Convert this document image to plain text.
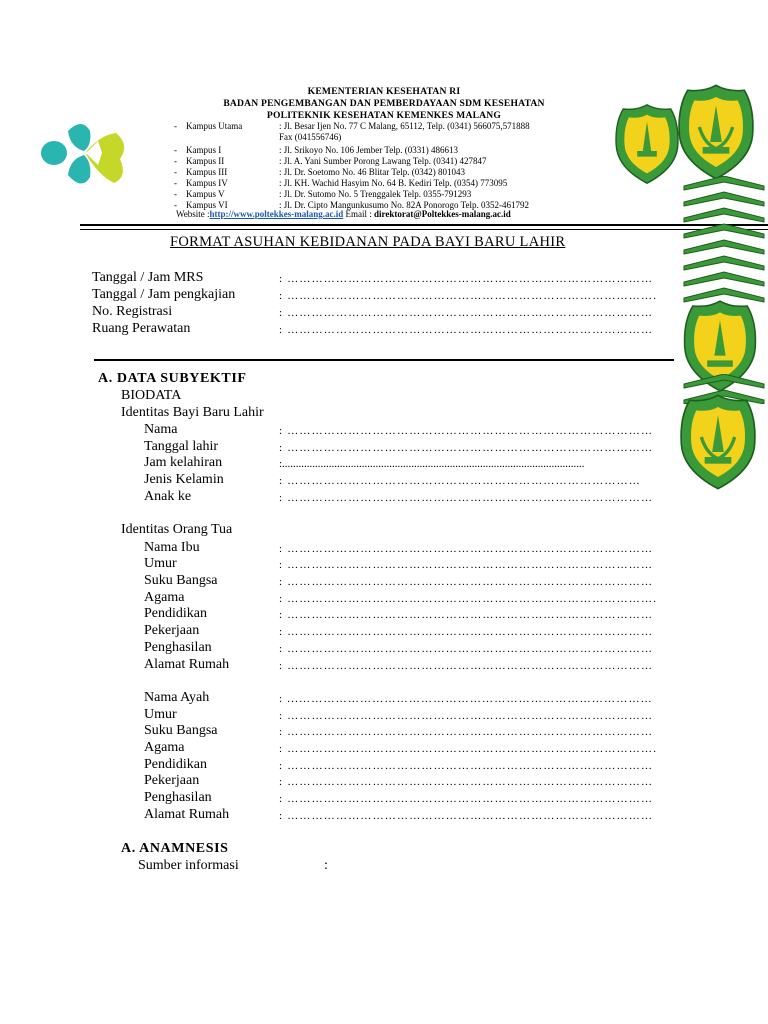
KEMENTERIAN KESEHATAN RI
BADAN PENGEMBANGAN DAN PEMBERDAYAAN SDM KESEHATAN
POLITEKNIK KESEHATAN KEMENKES MALANG
- Kampus Utama	: Jl. Besar Ijen No. 77 C Malang, 65112, Telp. (0341) 566075,571888
Fax (041556746)
- Kampus I	: Jl. Srikoyo No. 106 Jember Telp. (0331) 486613
- Kampus II	: Jl. A. Yani Sumber Porong Lawang Telp. (0341) 427847
- Kampus III	: Jl. Dr. Soetomo No. 46 Blitar Telp. (0342) 801043
- Kampus IV	: Jl. KH. Wachid Hasyim No. 64 B. Kediri Telp. (0354) 773095
- Kampus V	: Jl. Dr. Sutomo No. 5 Trenggalek Telp. 0355-791293
- Kampus VI	: Jl. Dr. Cipto Mangunkusumo No. 82A Ponorogo Telp. 0352-461792
Website :http://www.poltekkes-malang.ac.id Email : direktorat@Poltekkes-malang.ac.id
FORMAT ASUHAN KEBIDANAN PADA BAYI BARU LAHIR
Tanggal / Jam MRS	: ………………………………………………………………………………
Tanggal / Jam pengkajian	: ……………………………………………………………………………….
No. Registrasi	: ………………………………………………………………………………
Ruang Perawatan	: ………………………………………………………………………………
A. DATA SUBYEKTIF
BIODATA
Identitas Bayi Baru Lahir
Nama	: ………………………………………………………………………………
Tanggal lahir	: ………………………………………………………………………………
Jam kelahiran	:..............................................................................................................
Jenis Kelamin	: ……………………………………………………………………………
Anak ke	: ………………………………………………………………………………
Identitas Orang Tua
Nama Ibu	: ………………………………………………………………………………
Umur	: ………………………………………………………………………………
Suku Bangsa	: ………………………………………………………………………………
Agama	: ……………………………………………………………………………….
Pendidikan	: ………………………………………………………………………………
Pekerjaan	: ………………………………………………………………………………
Penghasilan	: ………………………………………………………………………………
Alamat Rumah	: ………………………………………………………………………………
Nama Ayah	: ...……………………………………………………………………………
Umur	: ………………………………………………………………………………
Suku Bangsa	: ………………………………………………………………………………
Agama	: ……………………………………………………………………………….
Pendidikan	: ………………………………………………………………………………
Pekerjaan	: ………………………………………………………………………………
Penghasilan	: ………………………………………………………………………………
Alamat Rumah	: ………………………………………………………………………………
A. ANAMNESIS
Sumber informasi	:
